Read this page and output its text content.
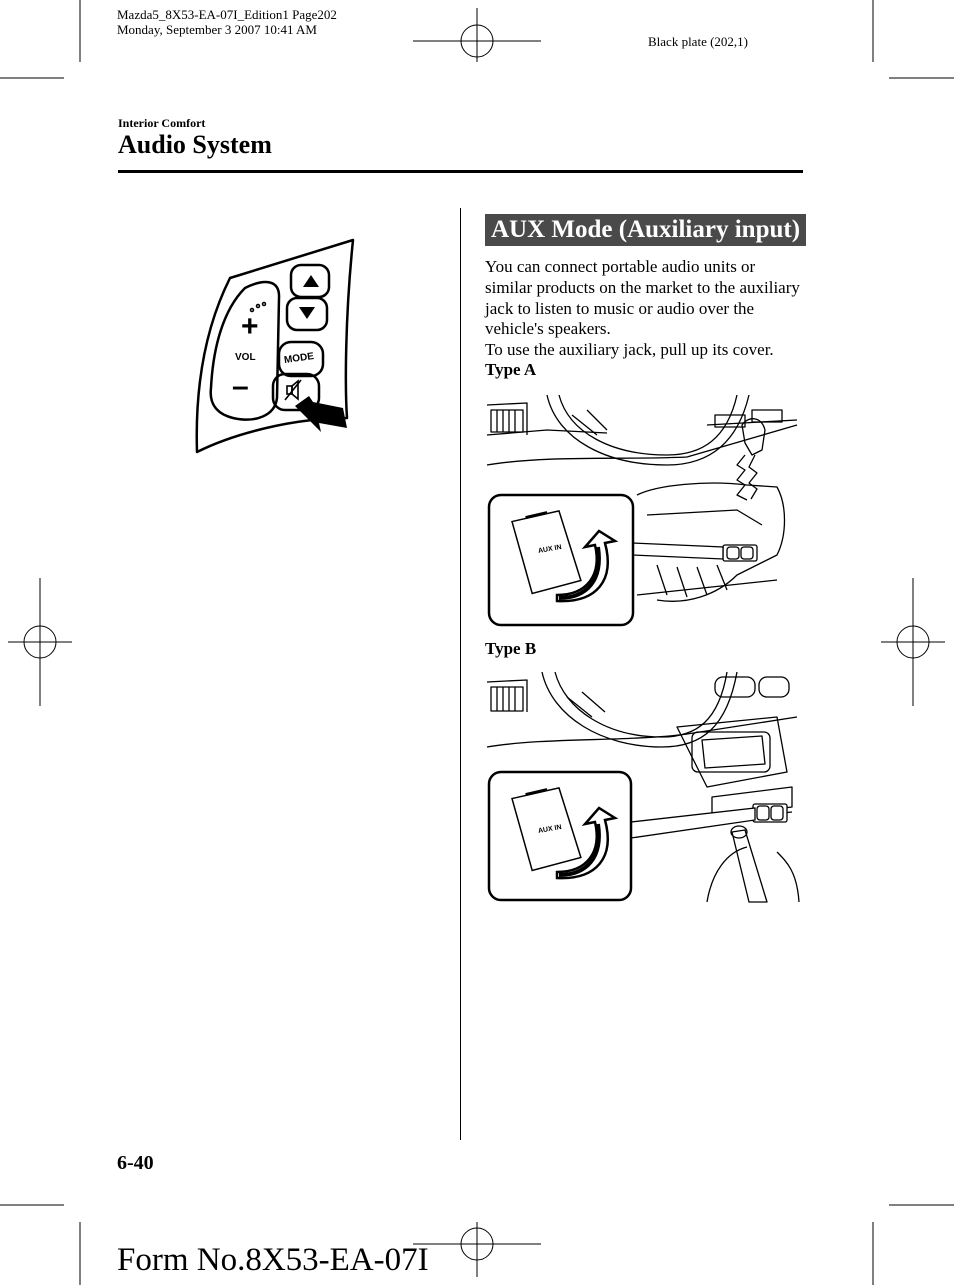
Mazda5_8X53-EA-07I_Edition1 Page202
Monday, September 3 2007 10:41 AM
Black plate (202,1)
Interior Comfort
Audio System
+
–
VOL	MODE
AUX Mode (Auxiliary input)

You can connect portable audio units or similar products on the market to the auxiliary jack to listen to music or audio over the vehicle's speakers.

To use the auxiliary jack, pull up its cover.

Type A
AUX IN
Type B
AUX IN
6-40
Form No.8X53-EA-07I
